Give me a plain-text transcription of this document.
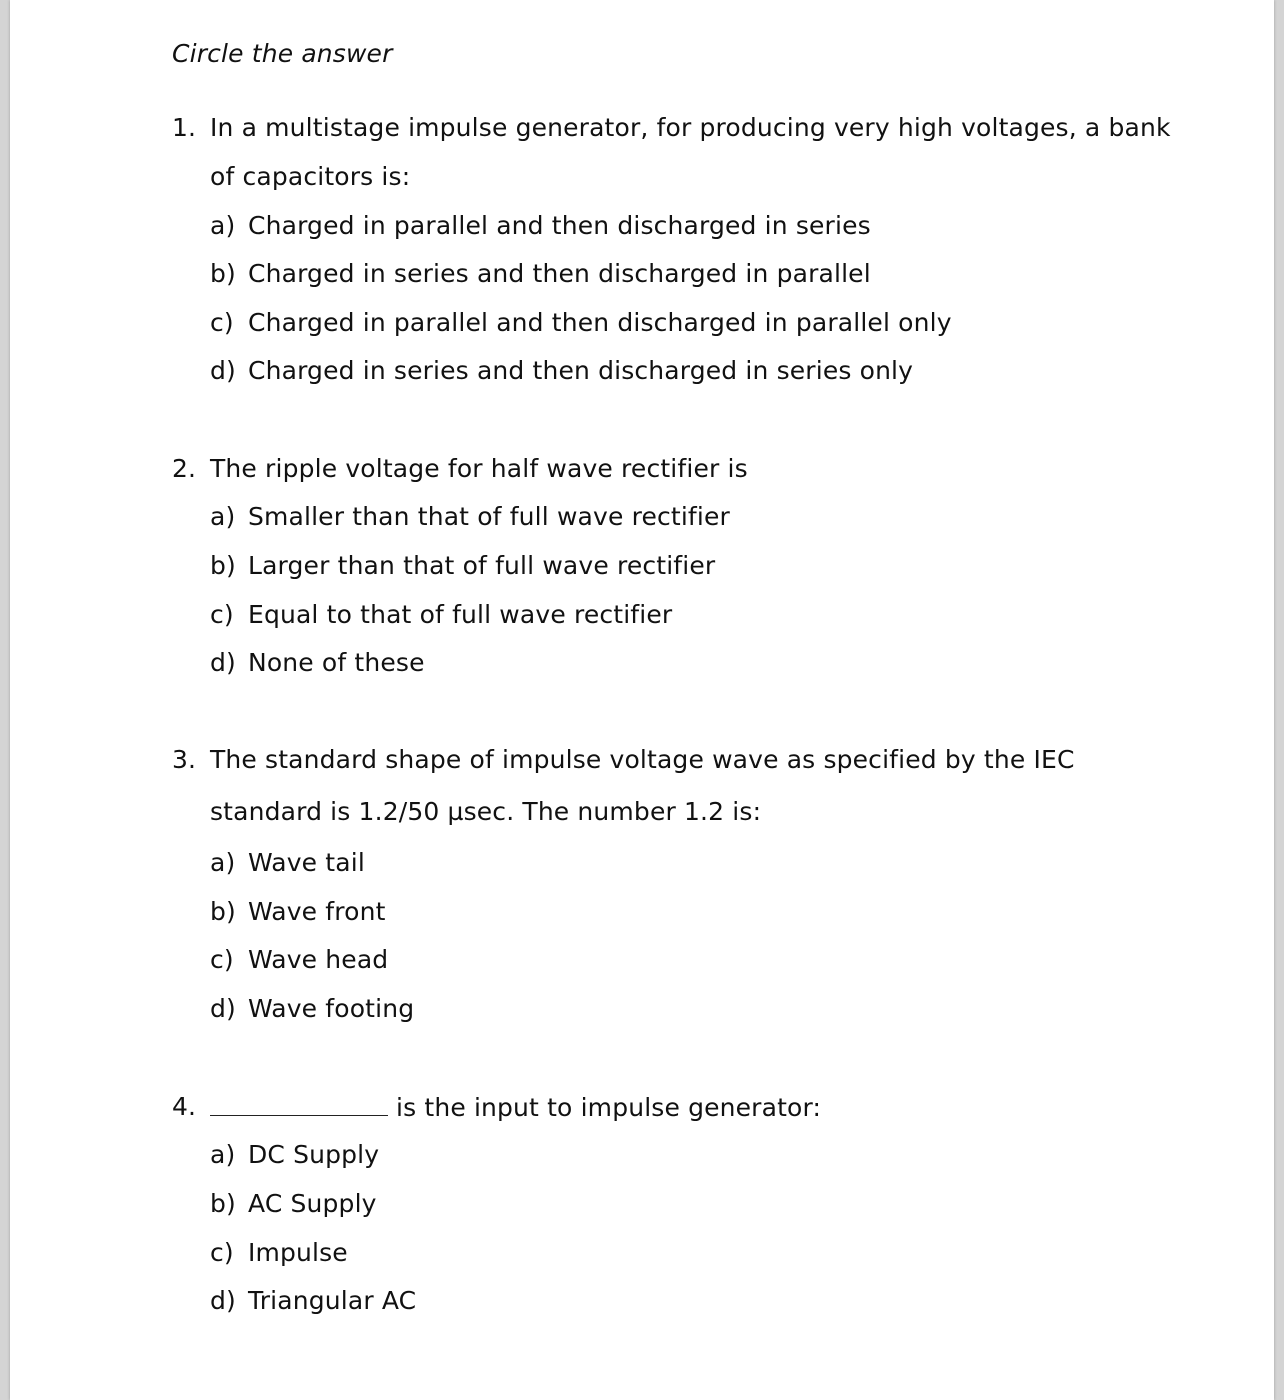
Circle the answer
1. In a multistage impulse generator, for producing very high voltages, a bank
of capacitors is:
a) Charged in parallel and then discharged in series
b) Charged in series and then discharged in parallel
c) Charged in parallel and then discharged in parallel only
d) Charged in series and then discharged in series only
2. The ripple voltage for half wave rectifier is
a) Smaller than that of full wave rectifier
b) Larger than that of full wave rectifier
c) Equal to that of full wave rectifier
d) None of these
3. The standard shape of impulse voltage wave as specified by the IEC
standard is 1.2/50 µsec. The number 1.2 is:
a) Wave tail
b) Wave front
c) Wave head
d) Wave footing
4.	is the input to impulse generator:
a) DC Supply
b) AC Supply
c) Impulse
d) Triangular AC
